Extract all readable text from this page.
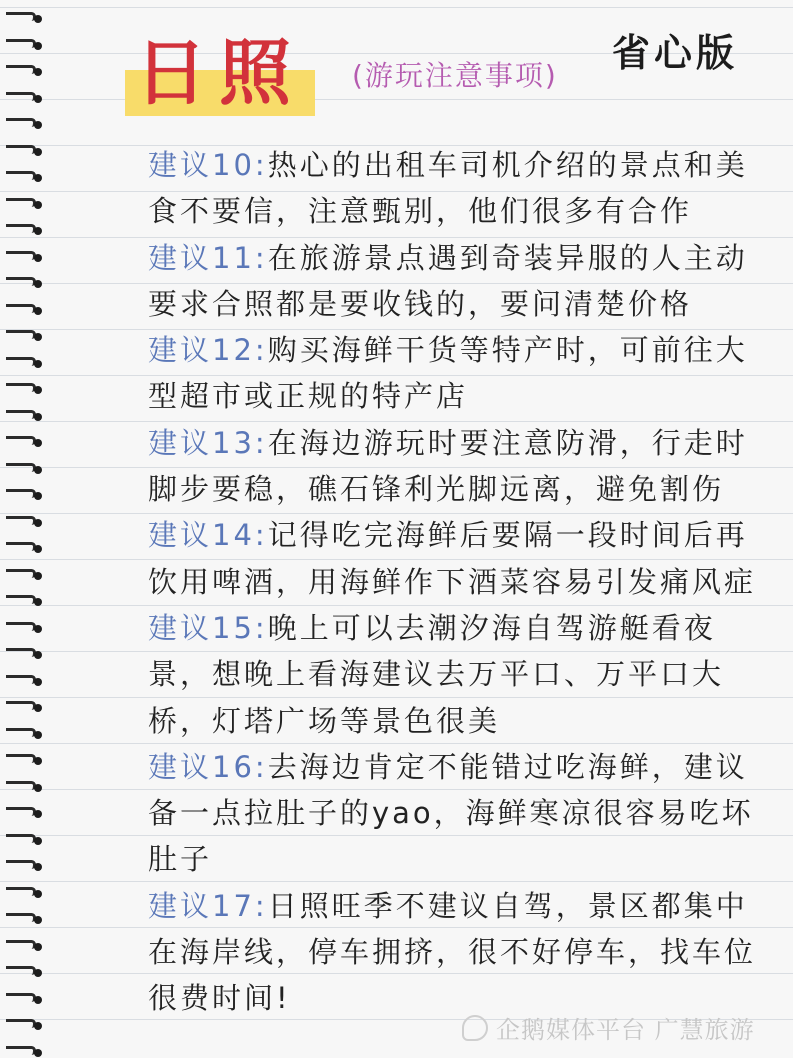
日照 (游玩注意事项)
省心版
建议10:热心的出租车司机介绍的景点和美食不要信，注意甄别，他们很多有合作
建议11:在旅游景点遇到奇装异服的人主动要求合照都是要收钱的，要问清楚价格
建议12:购买海鲜干货等特产时，可前往大型超市或正规的特产店
建议13:在海边游玩时要注意防滑，行走时脚步要稳，礁石锋利光脚远离，避免割伤
建议14:记得吃完海鲜后要隔一段时间后再饮用啤酒，用海鲜作下酒菜容易引发痛风症
建议15:晚上可以去潮汐海自驾游艇看夜景，想晚上看海建议去万平口、万平口大桥，灯塔广场等景色很美
建议16:去海边肯定不能错过吃海鲜，建议备一点拉肚子的yao，海鲜寒凉很容易吃坏肚子
建议17:日照旺季不建议自驾，景区都集中在海岸线，停车拥挤，很不好停车，找车位很费时间!
企鹅媒体平台 广慧旅游
